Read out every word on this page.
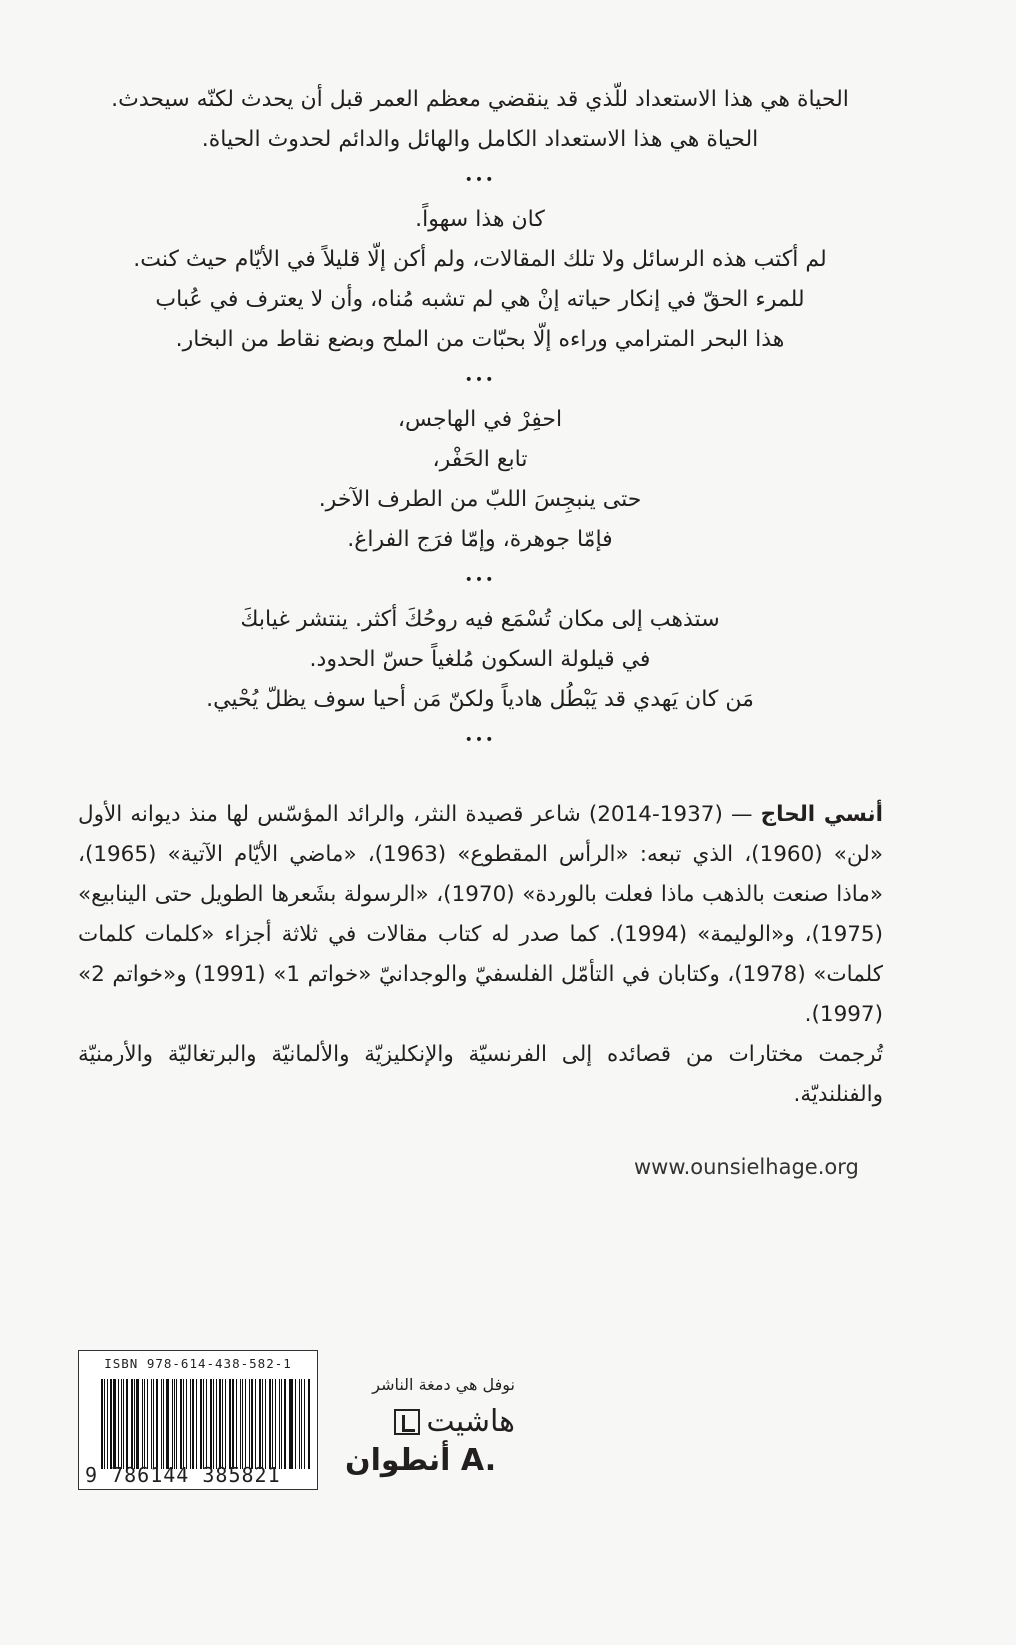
الحياة هي هذا الاستعداد للّذي قد ينقضي معظم العمر قبل أن يحدث لكنّه سيحدث.
الحياة هي هذا الاستعداد الكامل والهائل والدائم لحدوث الحياة.
•••
كان هذا سهواً.
لم أكتب هذه الرسائل ولا تلك المقالات، ولم أكن إلّا قليلاً في الأيّام حيث كنت.
للمرء الحقّ في إنكار حياته إنْ هي لم تشبه مُناه، وأن لا يعترف في عُباب
هذا البحر المترامي وراءه إلّا بحبّات من الملح وبضع نقاط من البخار.
•••
احفِرْ في الهاجس،
تابع الحَفْر،
حتى ينبجِسَ اللبّ من الطرف الآخر.
فإمّا جوهرة، وإمّا فرَج الفراغ.
•••
ستذهب إلى مكان تُسْمَع فيه روحُكَ أكثر. ينتشر غيابكَ
في قيلولة السكون مُلغياً حسّ الحدود.
مَن كان يَهدي قد يَبْطُل هادياً ولكنّ مَن أحيا سوف يظلّ يُحْيي.
•••

أنسي الحاج — (1937-2014) شاعر قصيدة النثر، والرائد المؤسّس لها منذ ديوانه الأول «لن» (1960)، الذي تبعه: «الرأس المقطوع» (1963)، «ماضي الأيّام الآتية» (1965)، «ماذا صنعت بالذهب ماذا فعلت بالوردة» (1970)، «الرسولة بشَعرها الطويل حتى الينابيع» (1975)، و«الوليمة» (1994). كما صدر له كتاب مقالات في ثلاثة أجزاء «كلمات كلمات كلمات» (1978)، وكتابان في التأمّل الفلسفيّ والوجدانيّ «خواتم 1» (1991) و«خواتم 2» (1997).

تُرجمت مختارات من قصائده إلى الفرنسيّة والإنكليزيّة والألمانيّة والبرتغاليّة والأرمنيّة والفنلنديّة.

www.ounsielhage.org
ISBN 978-614-438-582-1
9 786144 385821
نوفل هي دمغة الناشر
هاشيت
أنطوان A.
